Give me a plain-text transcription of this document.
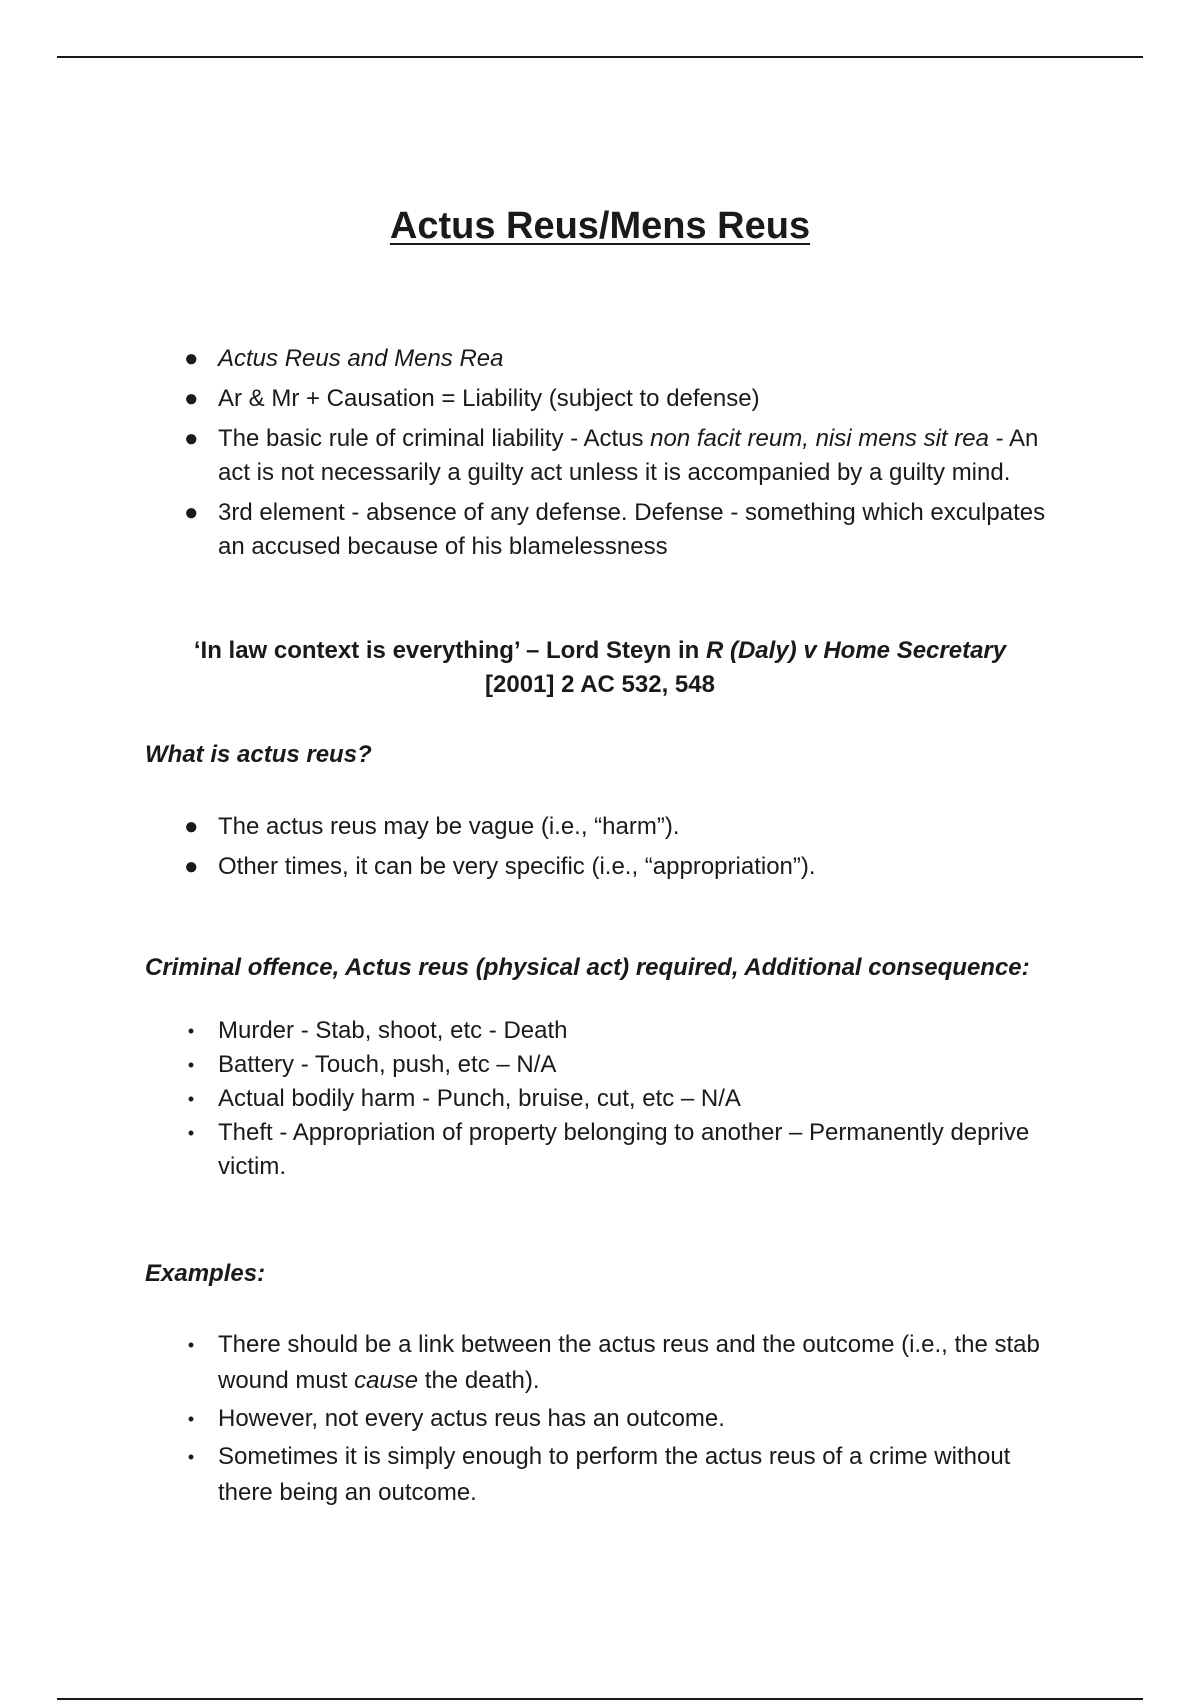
Actus Reus/Mens Reus
● Actus Reus and Mens Rea
● Ar & Mr + Causation = Liability (subject to defense)
● The basic rule of criminal liability - Actus non facit reum, nisi mens sit rea - An act is not necessarily a guilty act unless it is accompanied by a guilty mind.
● 3rd element - absence of any defense. Defense - something which exculpates an accused because of his blamelessness
‘In law context is everything’ – Lord Steyn in R (Daly) v Home Secretary
[2001] 2 AC 532, 548

What is actus reus?

● The actus reus may be vague (i.e., “harm”).
● Other times, it can be very specific (i.e., “appropriation”).

Criminal offence, Actus reus (physical act) required, Additional consequence:

• Murder - Stab, shoot, etc - Death
• Battery - Touch, push, etc – N/A
• Actual bodily harm - Punch, bruise, cut, etc – N/A
• Theft - Appropriation of property belonging to another – Permanently deprive victim.

Examples:

• There should be a link between the actus reus and the outcome (i.e., the stab wound must cause the death).
• However, not every actus reus has an outcome.
• Sometimes it is simply enough to perform the actus reus of a crime without there being an outcome.
